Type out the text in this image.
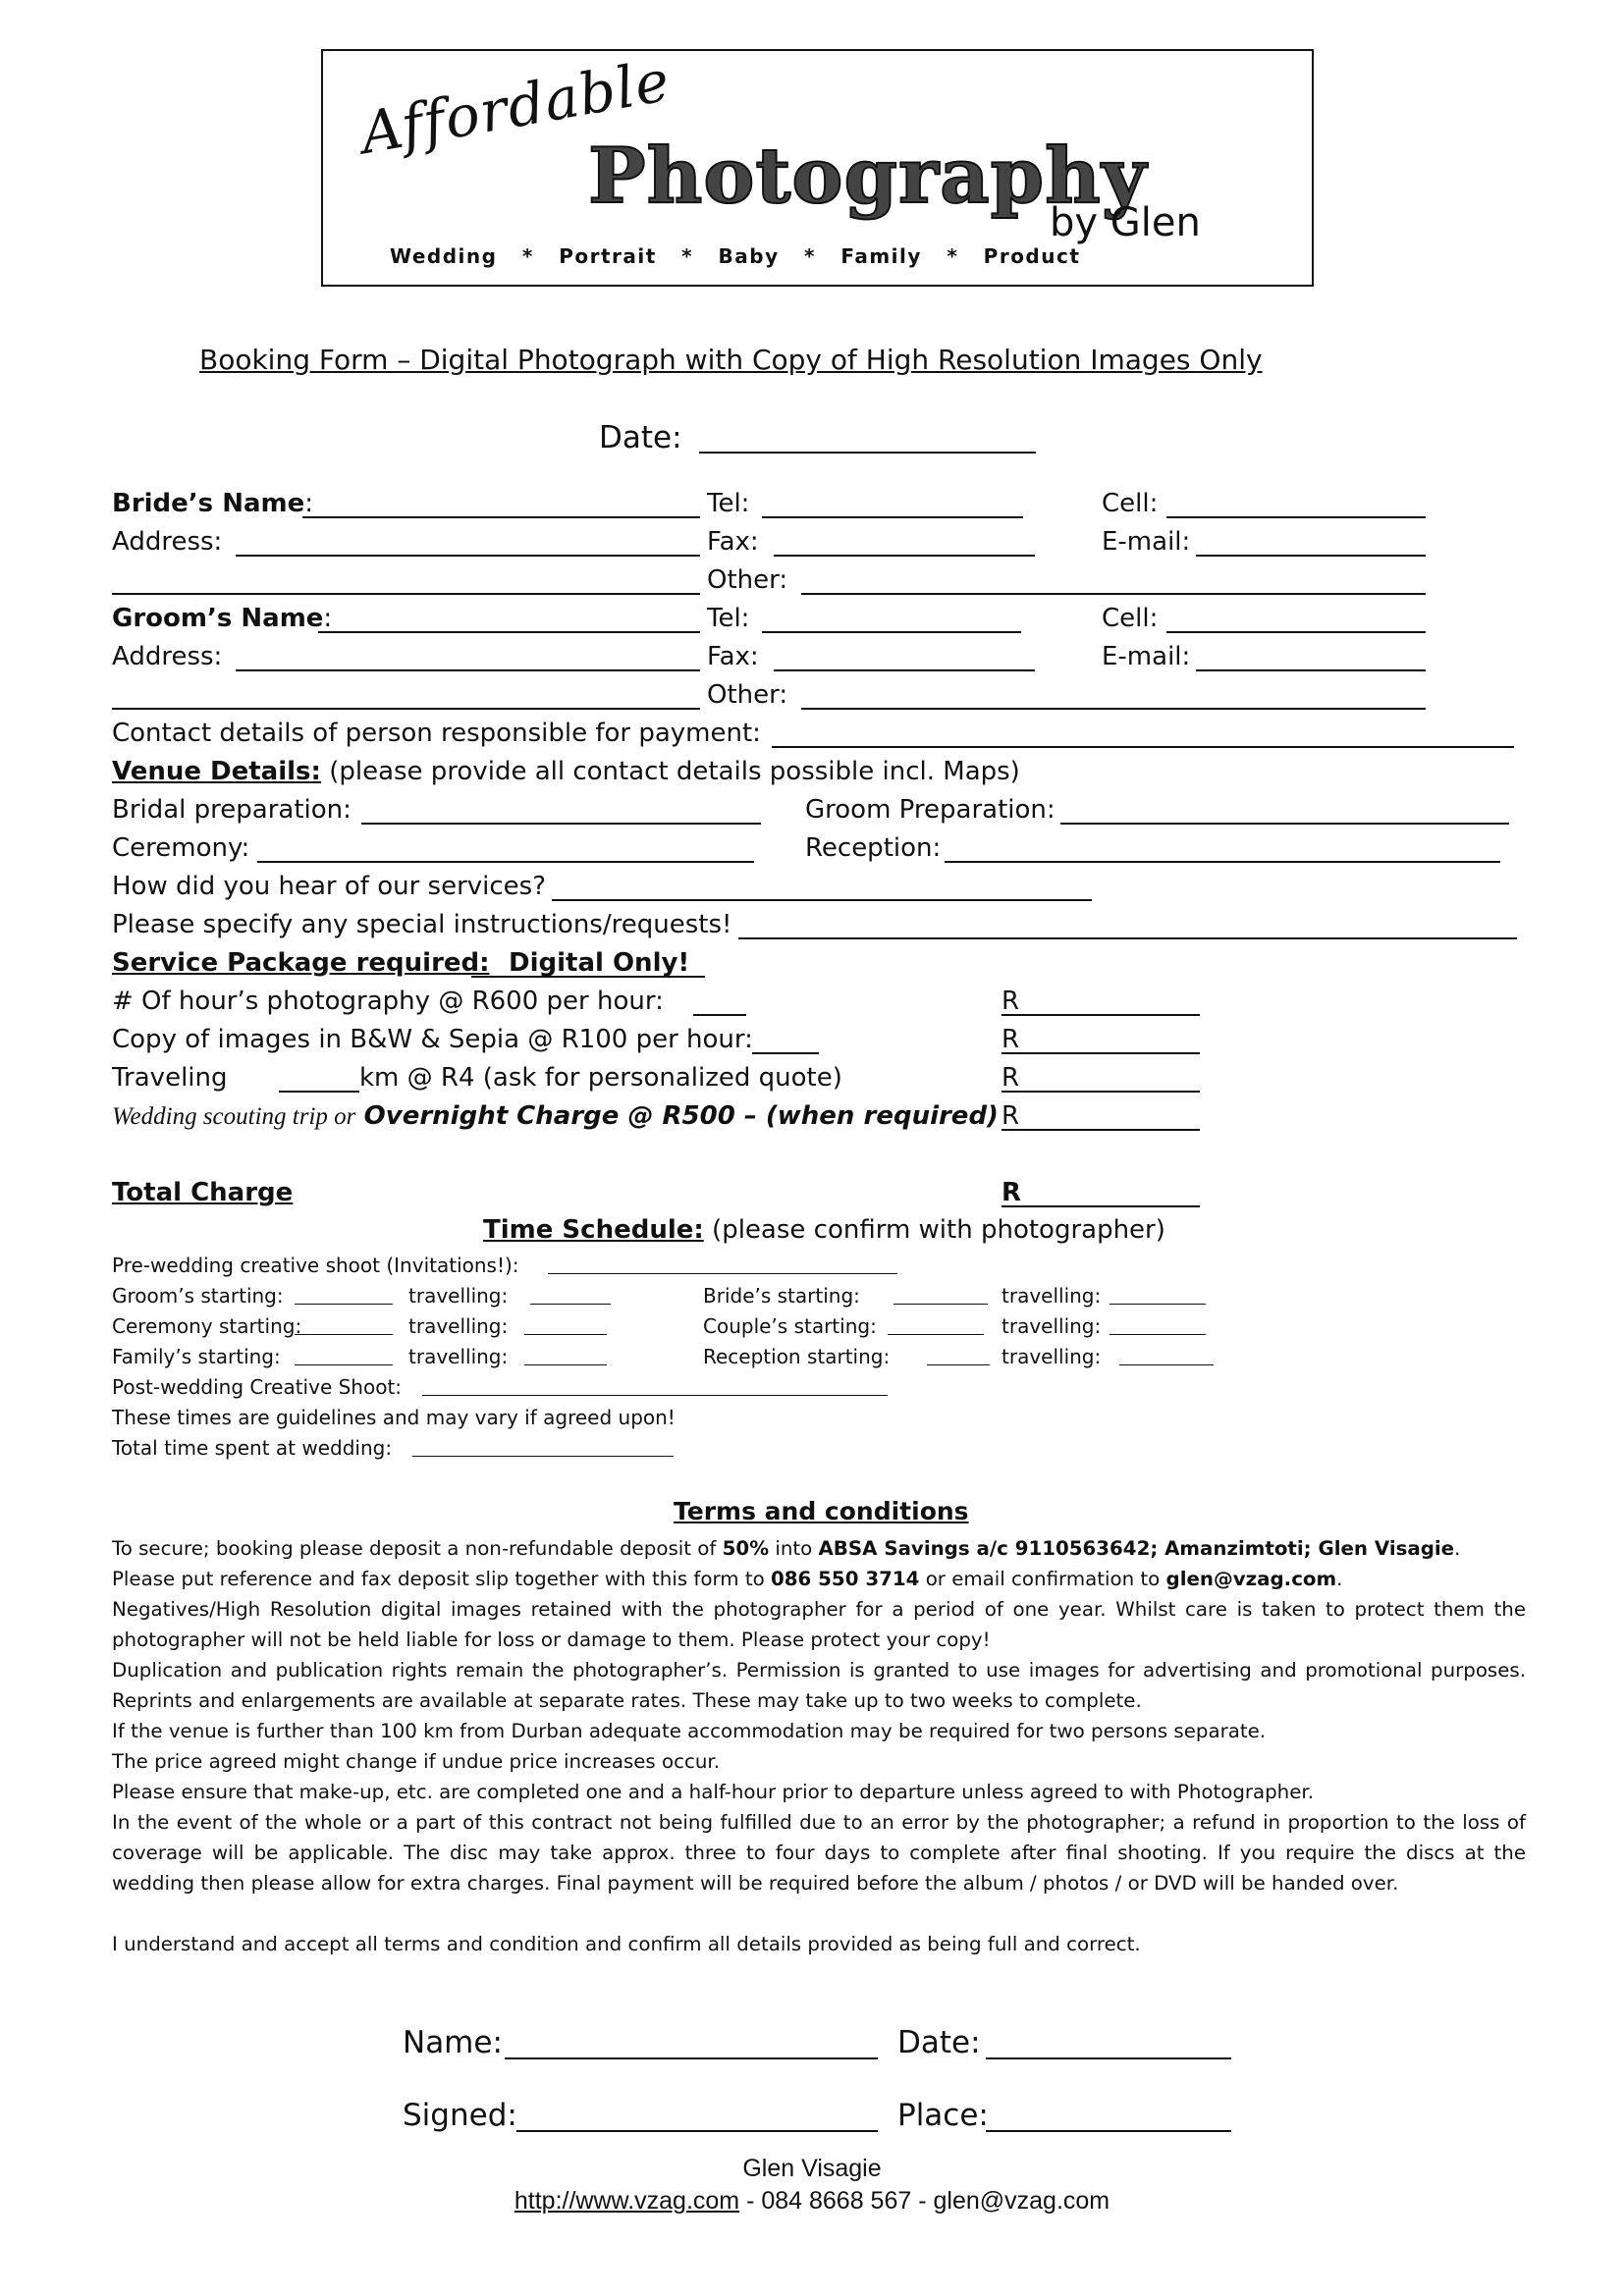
Affordable
Photography
by Glen
Wedding   *   Portrait   *   Baby   *   Family   *   Product
Booking Form – Digital Photograph with Copy of High Resolution Images Only
Date:
Bride’s Name:	Tel:	Cell:
Address:	Fax:	E-mail:
Other:
Groom’s Name:	Tel:	Cell:
Address:	Fax:	E-mail:
Other:
Contact details of person responsible for payment:
Venue Details: (please provide all contact details possible incl. Maps)
Bridal preparation:	Groom Preparation:
Ceremony:	Reception:
How did you hear of our services?
Please specify any special instructions/requests!
Service Package required: Digital Only!
# Of hour’s photography @ R600 per hour:	R
Copy of images in B&W & Sepia @ R100 per hour:	R
Traveling	km @ R4 (ask for personalized quote)	R
Wedding scouting trip or Overnight Charge @ R500 – (when required) R
Total Charge	R
Time Schedule: (please confirm with photographer)
Pre-wedding creative shoot (Invitations!):
Groom’s starting:	travelling:	Bride’s starting:	travelling:
Ceremony starting:	travelling:	Couple’s starting:	travelling:
Family’s starting:	travelling:	Reception starting:	travelling:
Post-wedding Creative Shoot:
These times are guidelines and may vary if agreed upon!
Total time spent at wedding:
Terms and conditions

To secure; booking please deposit a non-refundable deposit of 50% into ABSA Savings a/c 9110563642; Amanzimtoti; Glen Visagie.

Please put reference and fax deposit slip together with this form to 086 550 3714 or email confirmation to glen@vzag.com.

Negatives/High Resolution digital images retained with the photographer for a period of one year. Whilst care is taken to protect them the photographer will not be held liable for loss or damage to them. Please protect your copy!

Duplication and publication rights remain the photographer’s. Permission is granted to use images for advertising and promotional purposes. Reprints and enlargements are available at separate rates. These may take up to two weeks to complete.

If the venue is further than 100 km from Durban adequate accommodation may be required for two persons separate.

The price agreed might change if undue price increases occur.

Please ensure that make-up, etc. are completed one and a half-hour prior to departure unless agreed to with Photographer.

In the event of the whole or a part of this contract not being fulfilled due to an error by the photographer; a refund in proportion to the loss of coverage will be applicable. The disc may take approx. three to four days to complete after final shooting. If you require the discs at the wedding then please allow for extra charges. Final payment will be required before the album / photos / or DVD will be handed over.

I understand and accept all terms and condition and confirm all details provided as being full and correct.

Name:	Date:
Signed:	Place:
Glen Visagie
http://www.vzag.com - 084 8668 567 - glen@vzag.com
